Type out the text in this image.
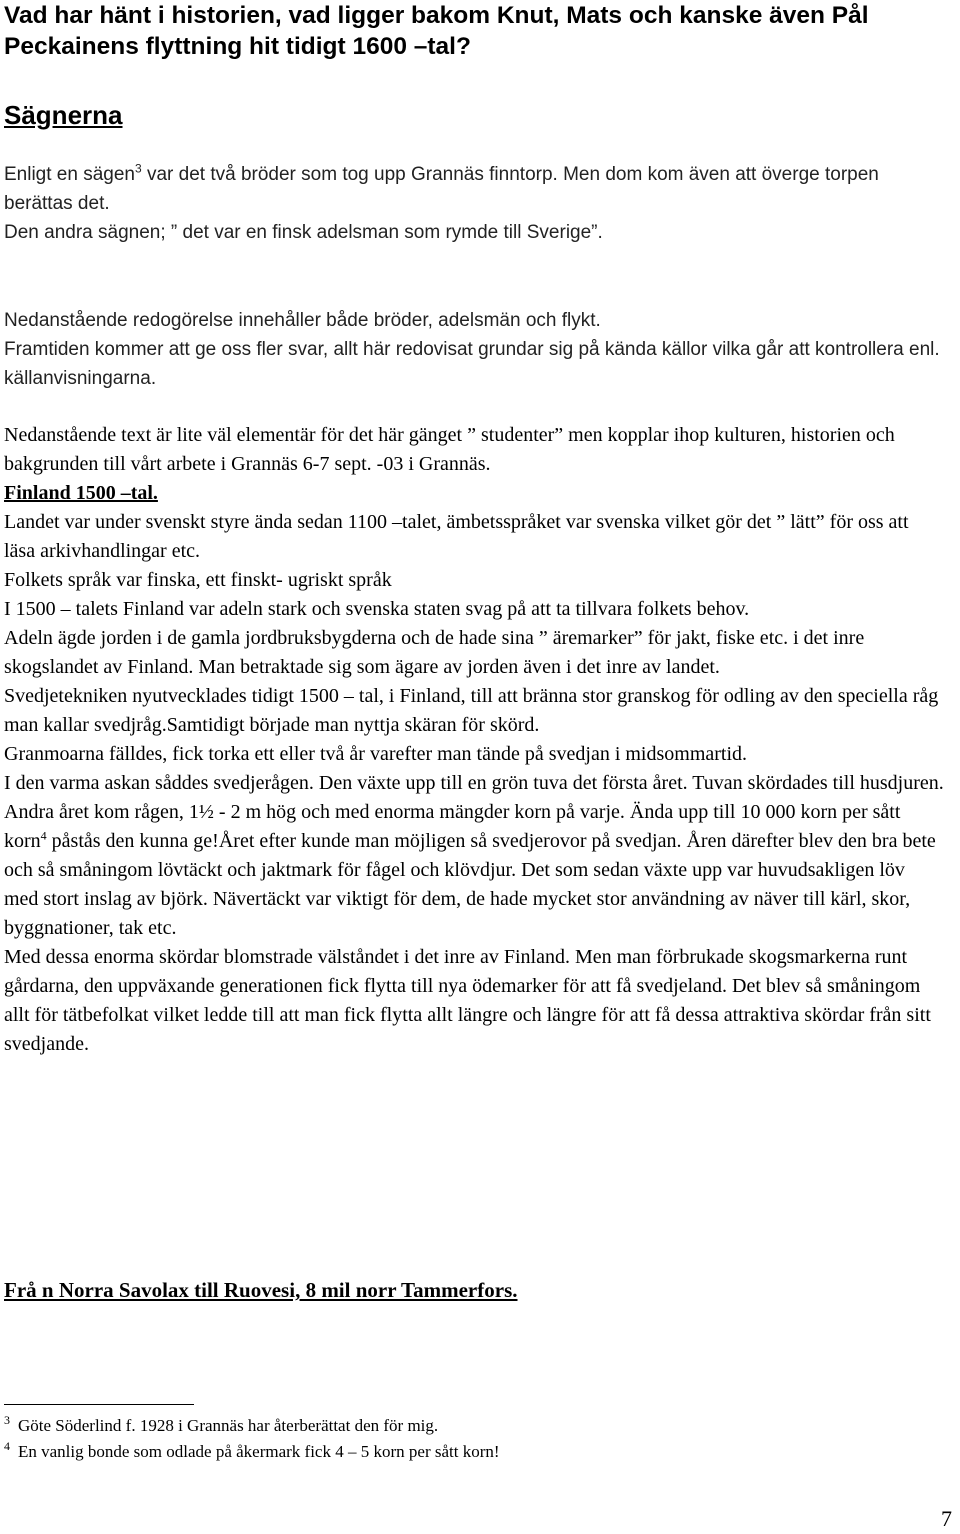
Vad har hänt i historien, vad ligger bakom Knut, Mats och kanske även Pål Peckainens flyttning hit tidigt 1600 –tal?
Sägnerna

Enligt en sägen$^3$ var det två bröder som tog upp Grannäs finntorp. Men dom kom även att överge torpen berättas det.

Den andra sägnen; ” det var en finsk adelsman som rymde till Sverige”.

Nedanstående redogörelse innehåller både bröder, adelsmän och flykt.

Framtiden kommer att ge oss fler svar, allt här redovisat grundar sig på kända källor vilka går att kontrollera enl. källanvisningarna.

Nedanstående text är lite väl elementär för det här gänget ” studenter” men kopplar ihop kulturen, historien och bakgrunden till vårt arbete i Grannäs 6-7 sept. -03 i Grannäs.

Finland 1500 –tal.

Landet var under svenskt styre ända sedan 1100 –talet, ämbetsspråket var svenska vilket gör det ” lätt” för oss att läsa arkivhandlingar etc.

Folkets språk var finska, ett finskt- ugriskt språk

I 1500 – talets Finland var adeln stark och svenska staten svag på att ta tillvara folkets behov.

Adeln ägde jorden i de gamla jordbruksbygderna och de hade sina ” äremarker” för jakt, fiske etc. i det inre skogslandet av Finland. Man betraktade sig som ägare av jorden även i det inre av landet.

Svedjetekniken nyutvecklades tidigt 1500 – tal, i Finland, till att bränna stor granskog för odling av den speciella råg man kallar svedjråg.Samtidigt började man nyttja skäran för skörd.

Granmoarna fälldes, fick torka ett eller två år varefter man tände på svedjan i midsommartid.

I den varma askan såddes svedjerågen. Den växte upp till en grön tuva det första året. Tuvan skördades till husdjuren. Andra året kom rågen, 1½ - 2 m hög och med enorma mängder korn på varje. Ända upp till 10 000 korn per sått korn$^4$ påstås den kunna ge!Året efter kunde man möjligen så svedjerovor på svedjan. Åren därefter blev den bra bete och så småningom lövtäckt och jaktmark för fågel och klövdjur. Det som sedan växte upp var huvudsakligen löv med stort inslag av björk. Nävertäckt var viktigt för dem, de hade mycket stor användning av näver till kärl, skor, byggnationer, tak etc.

Med dessa enorma skördar blomstrade välståndet i det inre av Finland. Men man förbrukade skogsmarkerna runt gårdarna, den uppväxande generationen fick flytta till nya ödemarker för att få svedjeland. Det blev så småningom allt för tätbefolkat vilket ledde till att man fick flytta allt längre och längre för att få dessa attraktiva skördar från sitt svedjande.

Frå n Norra Savolax till Ruovesi, 8 mil norr Tammerfors.

$^3$ Göte Söderlind f. 1928 i Grannäs har återberättat den för mig.

$^4$ En vanlig bonde som odlade på åkermark fick 4 – 5 korn per sått korn!

7
